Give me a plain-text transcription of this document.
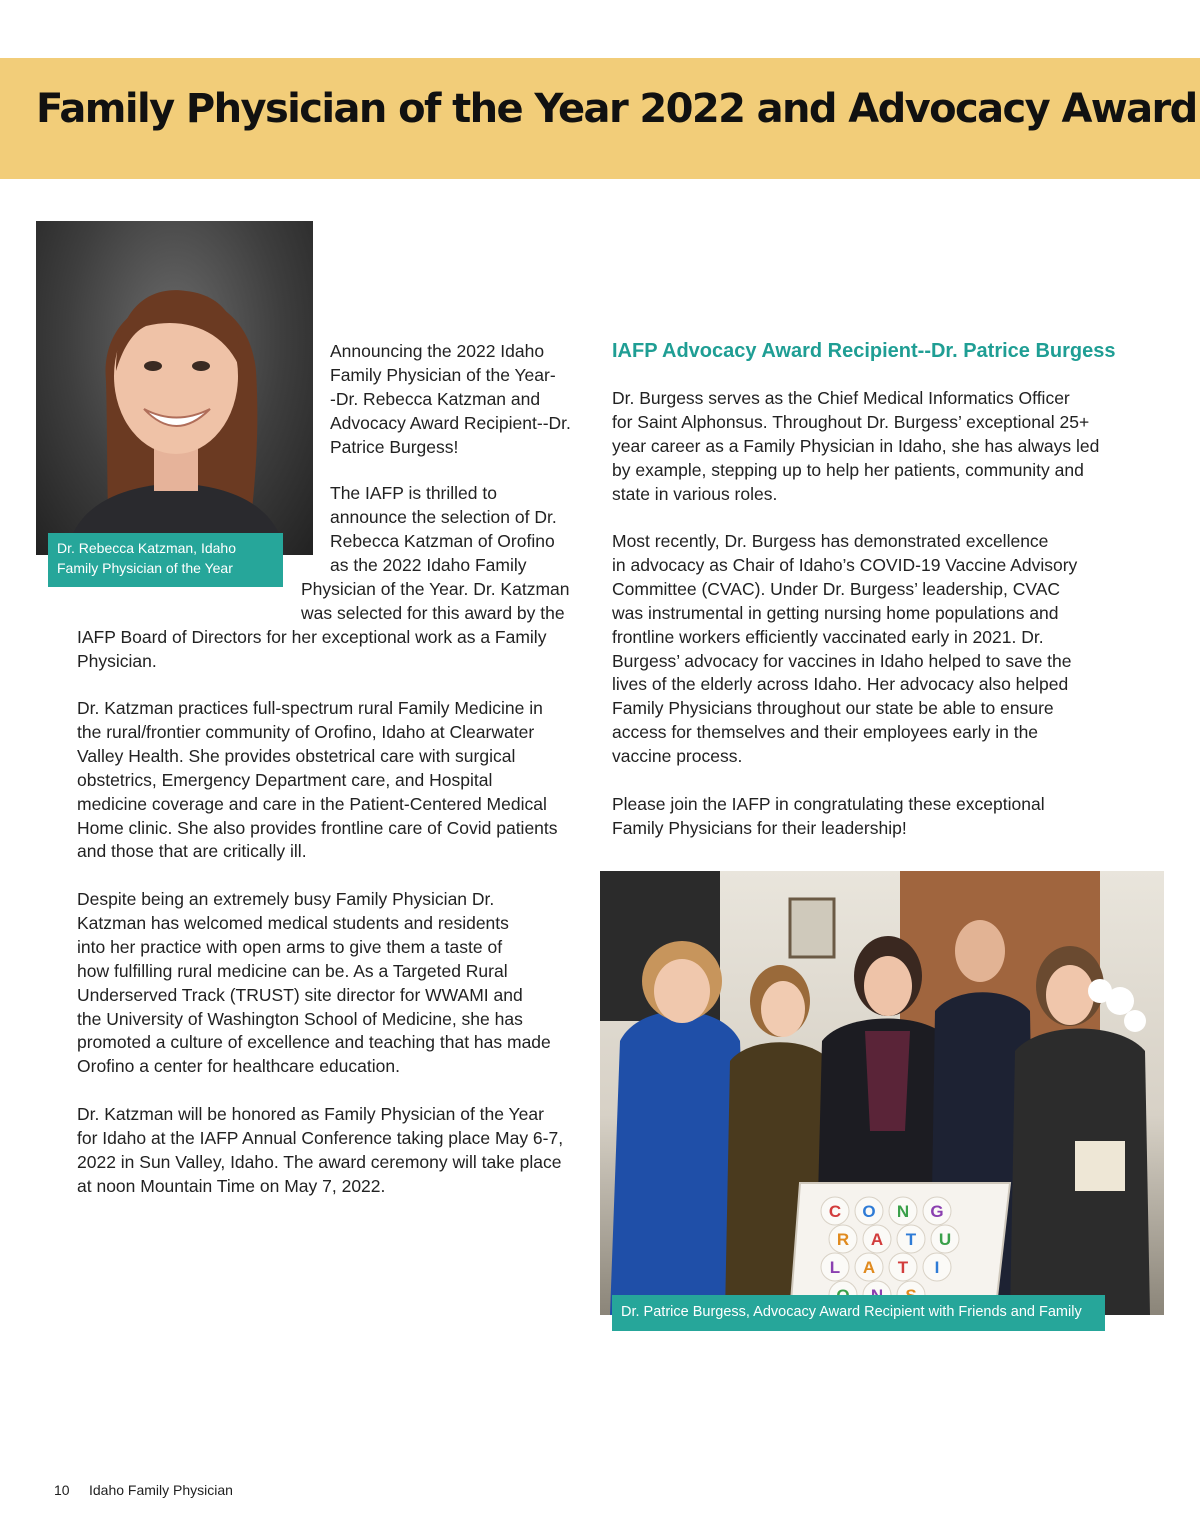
Family Physician of the Year 2022 and Advocacy Award
Dr. Rebecca Katzman, Idaho
Family Physician of the Year
Announcing the 2022 Idaho
Family Physician of the Year-
-Dr. Rebecca Katzman and
Advocacy Award Recipient--Dr.
Patrice Burgess!
The IAFP is thrilled to
announce the selection of Dr.
Rebecca Katzman of Orofino
as the 2022 Idaho Family
Physician of the Year. Dr. Katzman
was selected for this award by the
IAFP Board of Directors for her exceptional work as a Family
Physician.
Dr. Katzman practices full-spectrum rural Family Medicine in
the rural/frontier community of Orofino, Idaho at Clearwater
Valley Health. She provides obstetrical care with surgical
obstetrics, Emergency Department care, and Hospital
medicine coverage and care in the Patient-Centered Medical
Home clinic. She also provides frontline care of Covid patients
and those that are critically ill.
Despite being an extremely busy Family Physician Dr.
Katzman has welcomed medical students and residents
into her practice with open arms to give them a taste of
how fulfilling rural medicine can be. As a Targeted Rural
Underserved Track (TRUST) site director for WWAMI and
the University of Washington School of Medicine, she has
promoted a culture of excellence and teaching that has made
Orofino a center for healthcare education.
Dr. Katzman will be honored as Family Physician of the Year
for Idaho at the IAFP Annual Conference taking place May 6-7,
2022 in Sun Valley, Idaho. The award ceremony will take place
at noon Mountain Time on May 7, 2022.
IAFP Advocacy Award Recipient--Dr. Patrice Burgess
Dr. Burgess serves as the Chief Medical Informatics Officer
for Saint Alphonsus. Throughout Dr. Burgess’ exceptional 25+
year career as a Family Physician in Idaho, she has always led
by example, stepping up to help her patients, community and
state in various roles.
Most recently, Dr. Burgess has demonstrated excellence
in advocacy as Chair of Idaho’s COVID-19 Vaccine Advisory
Committee (CVAC). Under Dr. Burgess’ leadership, CVAC
was instrumental in getting nursing home populations and
frontline workers efficiently vaccinated early in 2021. Dr.
Burgess’ advocacy for vaccines in Idaho helped to save the
lives of the elderly across Idaho. Her advocacy also helped
Family Physicians throughout our state be able to ensure
access for themselves and their employees early in the
vaccine process.
Please join the IAFP in congratulating these exceptional
Family Physicians for their leadership!
C O N G
R A T U
L A T I
Dr. Patrice Burgess, Advocacy Award Recipient with Friends and Family
10 Idaho Family Physician
